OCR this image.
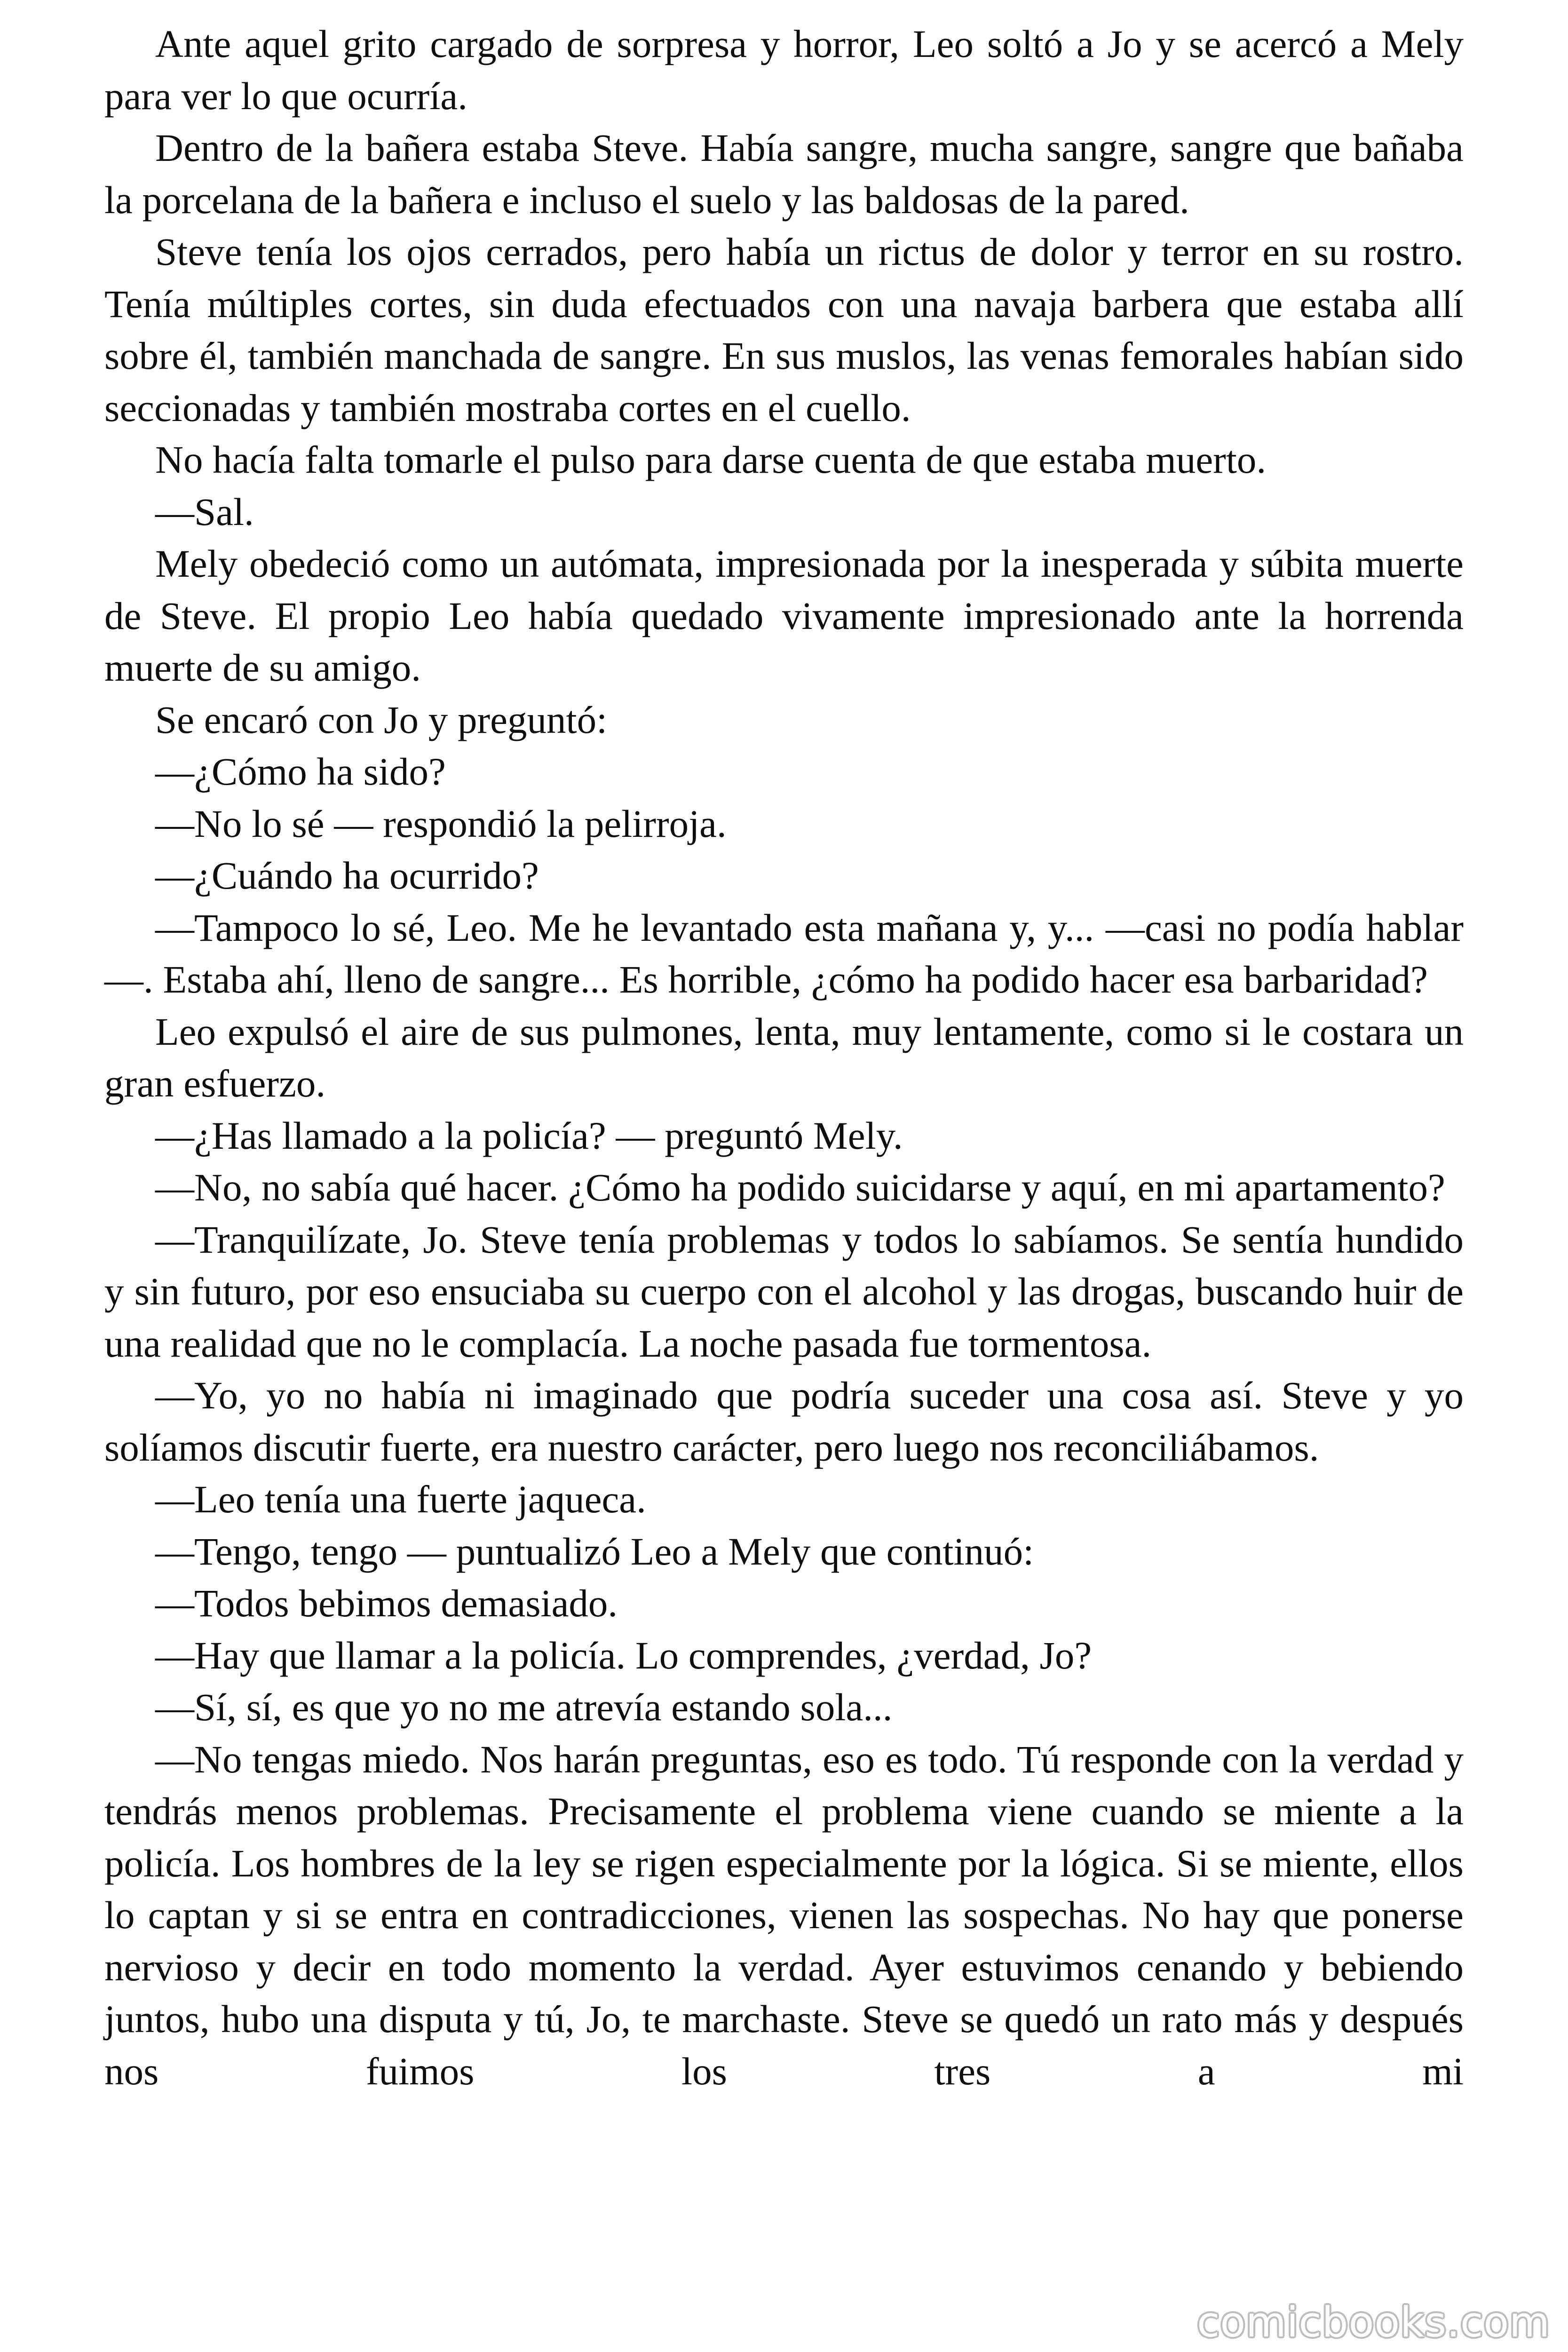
Ante aquel grito cargado de sorpresa y horror, Leo soltó a Jo y se acercó a Mely para ver lo que ocurría.

Dentro de la bañera estaba Steve. Había sangre, mucha sangre, sangre que bañaba la porcelana de la bañera e incluso el suelo y las baldosas de la pared.

Steve tenía los ojos cerrados, pero había un rictus de dolor y terror en su rostro. Tenía múltiples cortes, sin duda efectuados con una navaja barbera que estaba allí sobre él, también manchada de sangre. En sus muslos, las venas femorales habían sido seccionadas y también mostraba cortes en el cuello.

No hacía falta tomarle el pulso para darse cuenta de que estaba muerto.

—Sal.

Mely obedeció como un autómata, impresionada por la inesperada y súbita muerte de Steve. El propio Leo había quedado vivamente impresionado ante la horrenda muerte de su amigo.

Se encaró con Jo y preguntó:

—¿Cómo ha sido?

—No lo sé — respondió la pelirroja.

—¿Cuándo ha ocurrido?

—Tampoco lo sé, Leo. Me he levantado esta mañana y, y... —casi no podía hablar—. Estaba ahí, lleno de sangre... Es horrible, ¿cómo ha podido hacer esa barbaridad?

Leo expulsó el aire de sus pulmones, lenta, muy lentamente, como si le costara un gran esfuerzo.

—¿Has llamado a la policía? — preguntó Mely.

—No, no sabía qué hacer. ¿Cómo ha podido suicidarse y aquí, en mi apartamento?

—Tranquilízate, Jo. Steve tenía problemas y todos lo sabíamos. Se sentía hundido y sin futuro, por eso ensuciaba su cuerpo con el alcohol y las drogas, buscando huir de una realidad que no le complacía. La noche pasada fue tormentosa.

—Yo, yo no había ni imaginado que podría suceder una cosa así. Steve y yo solíamos discutir fuerte, era nuestro carácter, pero luego nos reconciliábamos.

—Leo tenía una fuerte jaqueca.

—Tengo, tengo — puntualizó Leo a Mely que continuó:

—Todos bebimos demasiado.

—Hay que llamar a la policía. Lo comprendes, ¿verdad, Jo?

—Sí, sí, es que yo no me atrevía estando sola...

—No tengas miedo. Nos harán preguntas, eso es todo. Tú responde con la verdad y tendrás menos problemas. Precisamente el problema viene cuando se miente a la policía. Los hombres de la ley se rigen especialmente por la lógica. Si se miente, ellos lo captan y si se entra en contradicciones, vienen las sospechas. No hay que ponerse nervioso y decir en todo momento la verdad. Ayer estuvimos cenando y bebiendo juntos, hubo una disputa y tú, Jo, te marchaste. Steve se quedó un rato más y después nos fuimos los tres a mi

comicbooks.com
